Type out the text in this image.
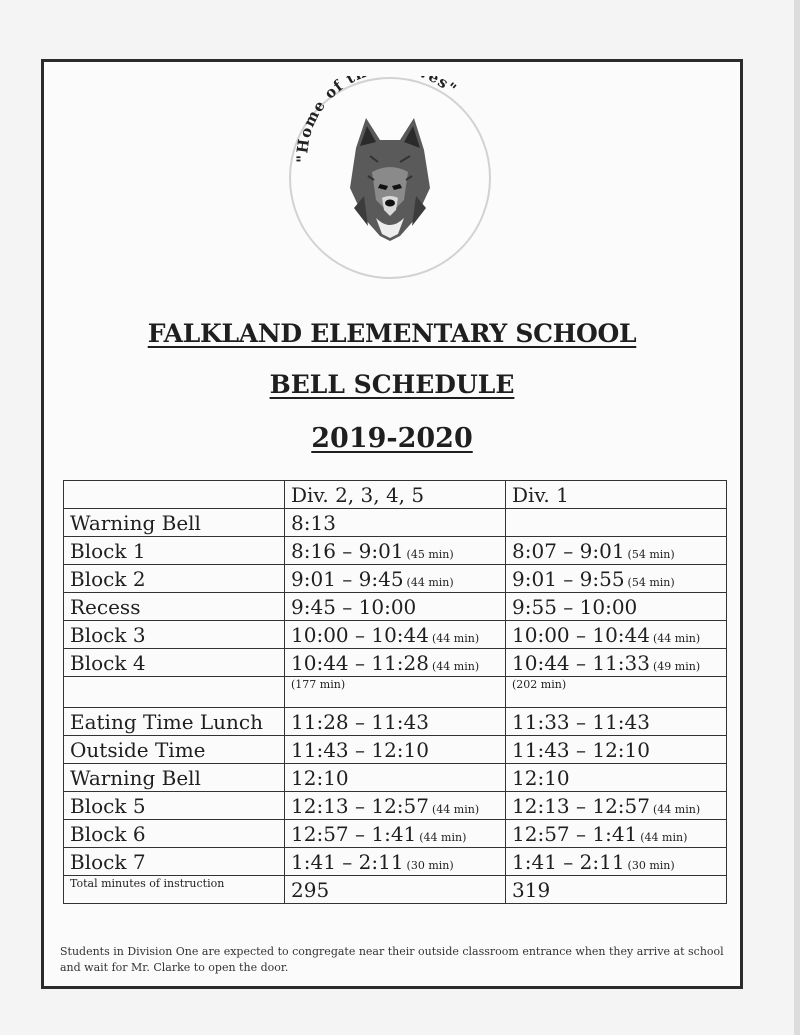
"Home of t es"
FALKLAND ELEMENTARY SCHOOL
BELL SCHEDULE
2019-2020
	Div. 2, 3, 4, 5	Div. 1
Warning Bell	8:13	
Block 1	8:16 – 9:01 (45 min)	8:07 – 9:01 (54 min)
Block 2	9:01 – 9:45 (44 min)	9:01 – 9:55 (54 min)
Recess	9:45 – 10:00	9:55 – 10:00
Block 3	10:00 – 10:44 (44 min)	10:00 – 10:44 (44 min)
Block 4	10:44 – 11:28 (44 min)	10:44 – 11:33 (49 min)
	(177 min)	(202 min)
Eating Time Lunch	11:28 – 11:43	11:33 – 11:43
Outside Time	11:43 – 12:10	11:43 – 12:10
Warning Bell	12:10	12:10
Block 5	12:13 – 12:57 (44 min)	12:13 – 12:57 (44 min)
Block 6	12:57 – 1:41 (44 min)	12:57 – 1:41 (44 min)
Block 7	1:41 – 2:11 (30 min)	1:41 – 2:11 (30 min)
Total minutes of instruction	295	319
Students in Division One are expected to congregate near their outside classroom entrance when they arrive at school and wait for Mr. Clarke to open the door.
